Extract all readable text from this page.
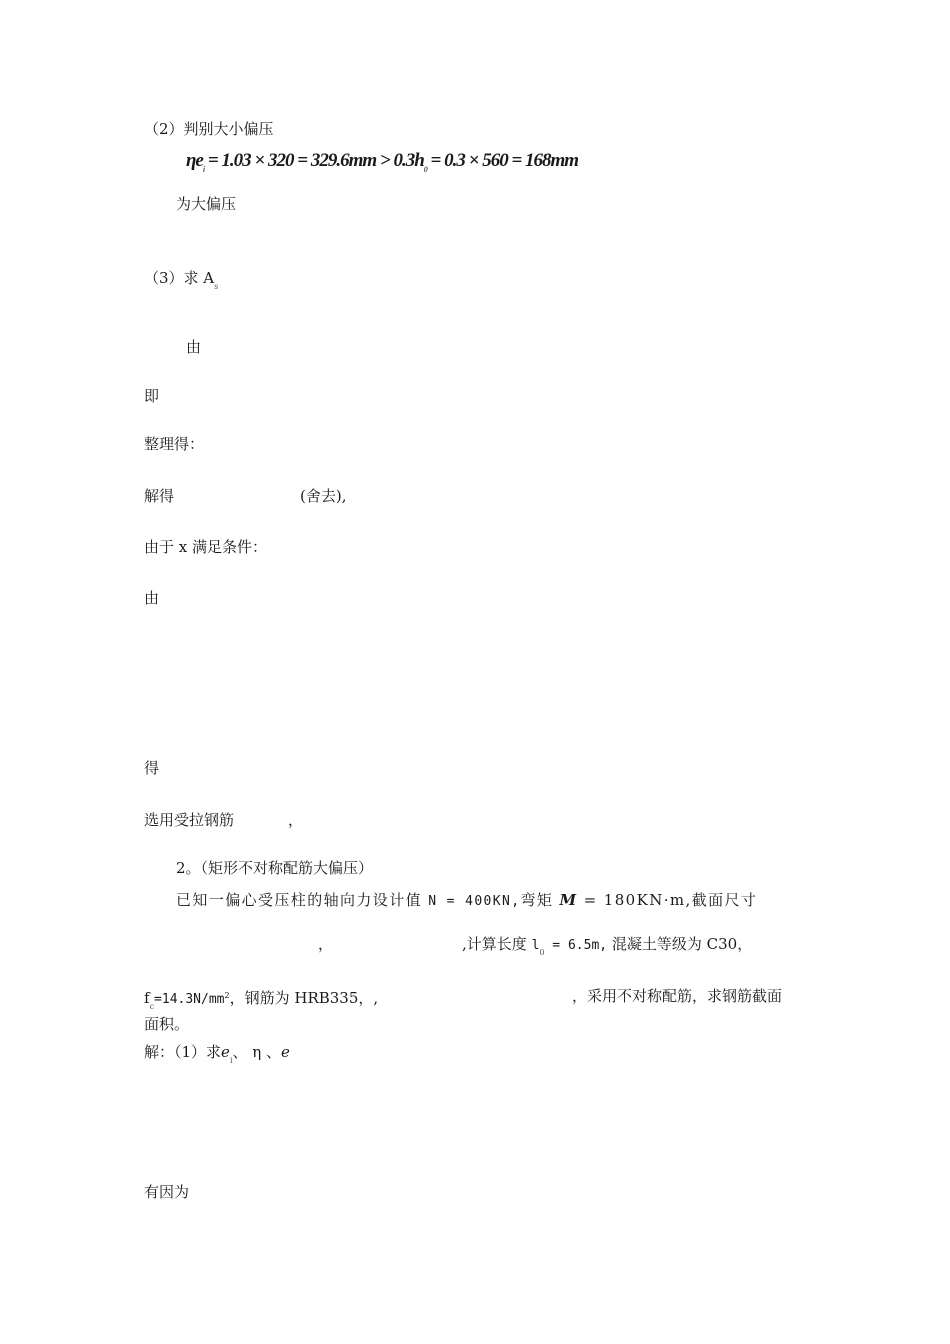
（2）判别大小偏压
$\eta e_i = 1.03 \times 320 = 329.6mm > 0.3h_0 = 0.3 \times 560 = 168mm$
为大偏压
（3）求 $A_s$
由
即
整理得：
解得	(舍去),
由于 x 满足条件：
由
得
选用受拉钢筋	，
2。（矩形不对称配筋大偏压）
已知一偏心受压柱的轴向力设计值 N = 400KN,弯矩 M = 180KN·m,截面尺寸
，	,计算长度 $l_0 = 6.5m$, 混凝土等级为 C30，
$f_c=14.3N/mm^2$，钢筋为 HRB335，,	，采用不对称配筋，求钢筋截面
面积。
解：（1）求$e_i$、 η 、e
有因为
